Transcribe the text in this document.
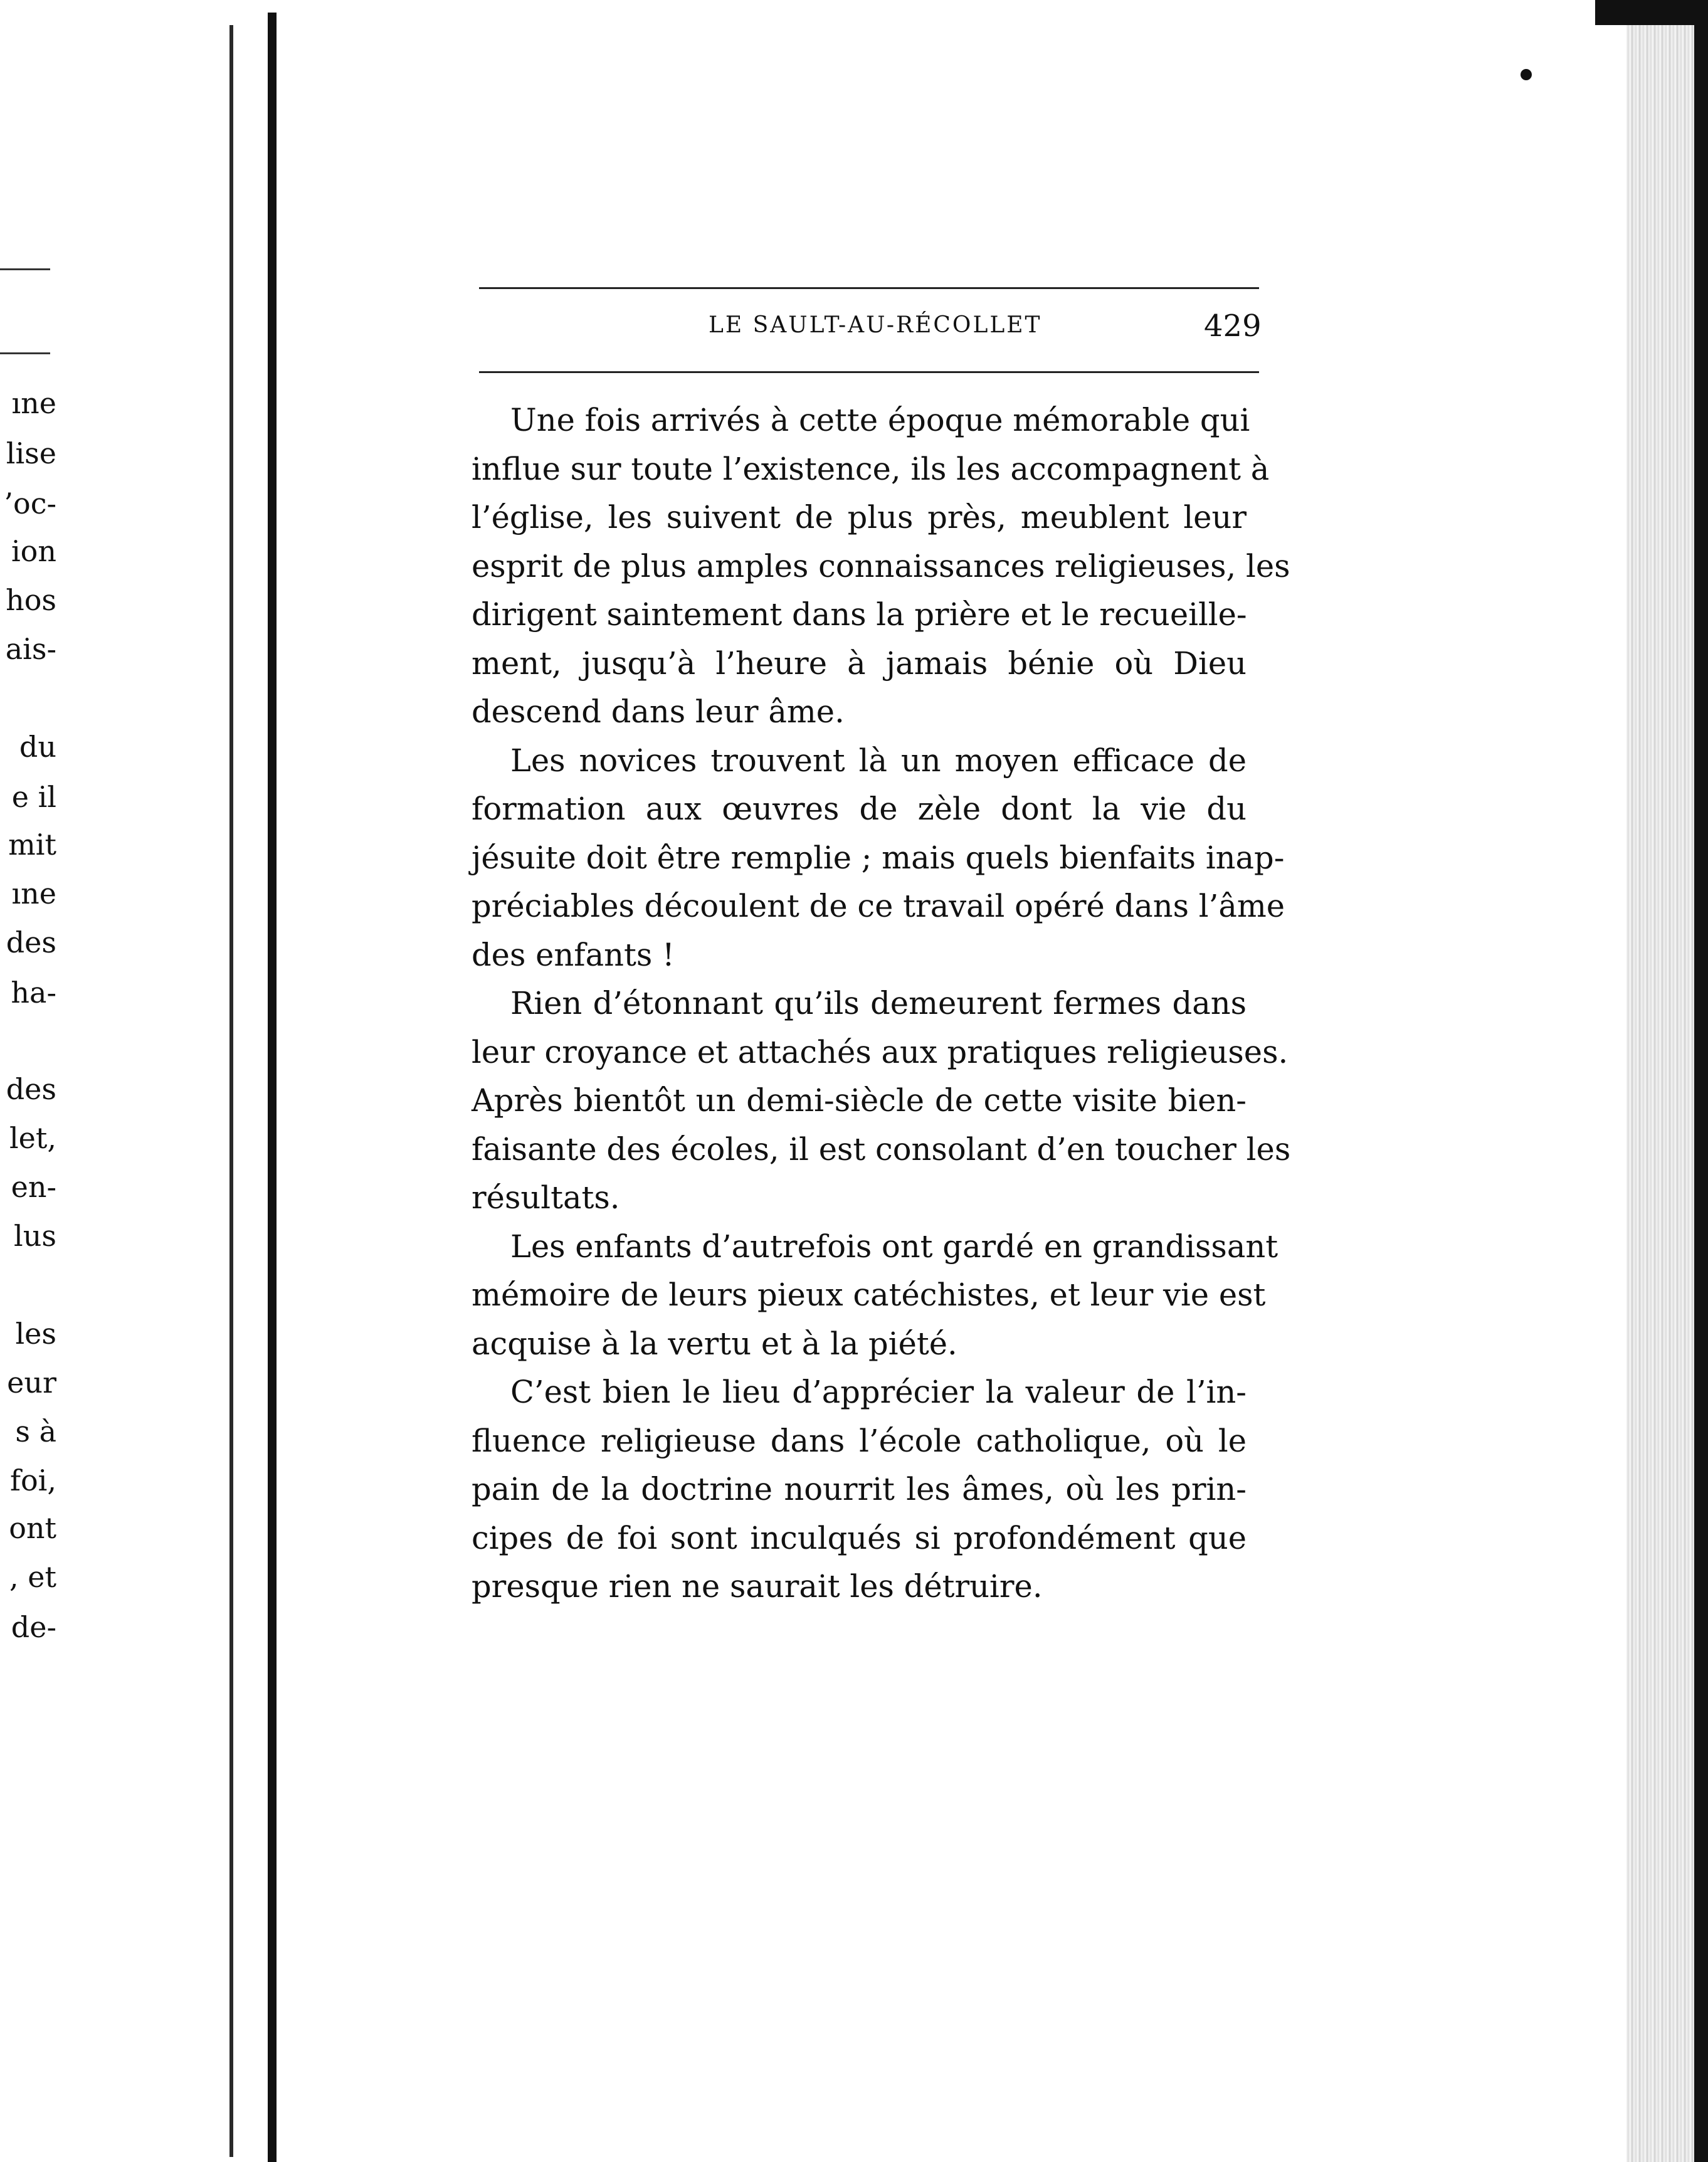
ıne
lise
’oc-
ion
hos
ais-
du
e il
mit
ıne
des
ha-
des
let,
en-
lus
les
eur
s à
foi,
ont
, et
de-
LE SAULT-AU-RÉCOLLET	429

Une fois arrivés à cette époque mémorable qui
influe sur toute l’existence, ils les accompagnent à
l’église, les suivent de plus près, meublent leur
esprit de plus amples connaissances religieuses, les
dirigent saintement dans la prière et le recueille-
ment, jusqu’à l’heure à jamais bénie où Dieu
descend dans leur âme.

Les novices trouvent là un moyen efficace de
formation aux œuvres de zèle dont la vie du
jésuite doit être remplie ; mais quels bienfaits inap-
préciables découlent de ce travail opéré dans l’âme
des enfants !

Rien d’étonnant qu’ils demeurent fermes dans
leur croyance et attachés aux pratiques religieuses.
Après bientôt un demi-siècle de cette visite bien-
faisante des écoles, il est consolant d’en toucher les
résultats.

Les enfants d’autrefois ont gardé en grandissant
mémoire de leurs pieux catéchistes, et leur vie est
acquise à la vertu et à la piété.

C’est bien le lieu d’apprécier la valeur de l’in-
fluence religieuse dans l’école catholique, où le
pain de la doctrine nourrit les âmes, où les prin-
cipes de foi sont inculqués si profondément que
presque rien ne saurait les détruire.
